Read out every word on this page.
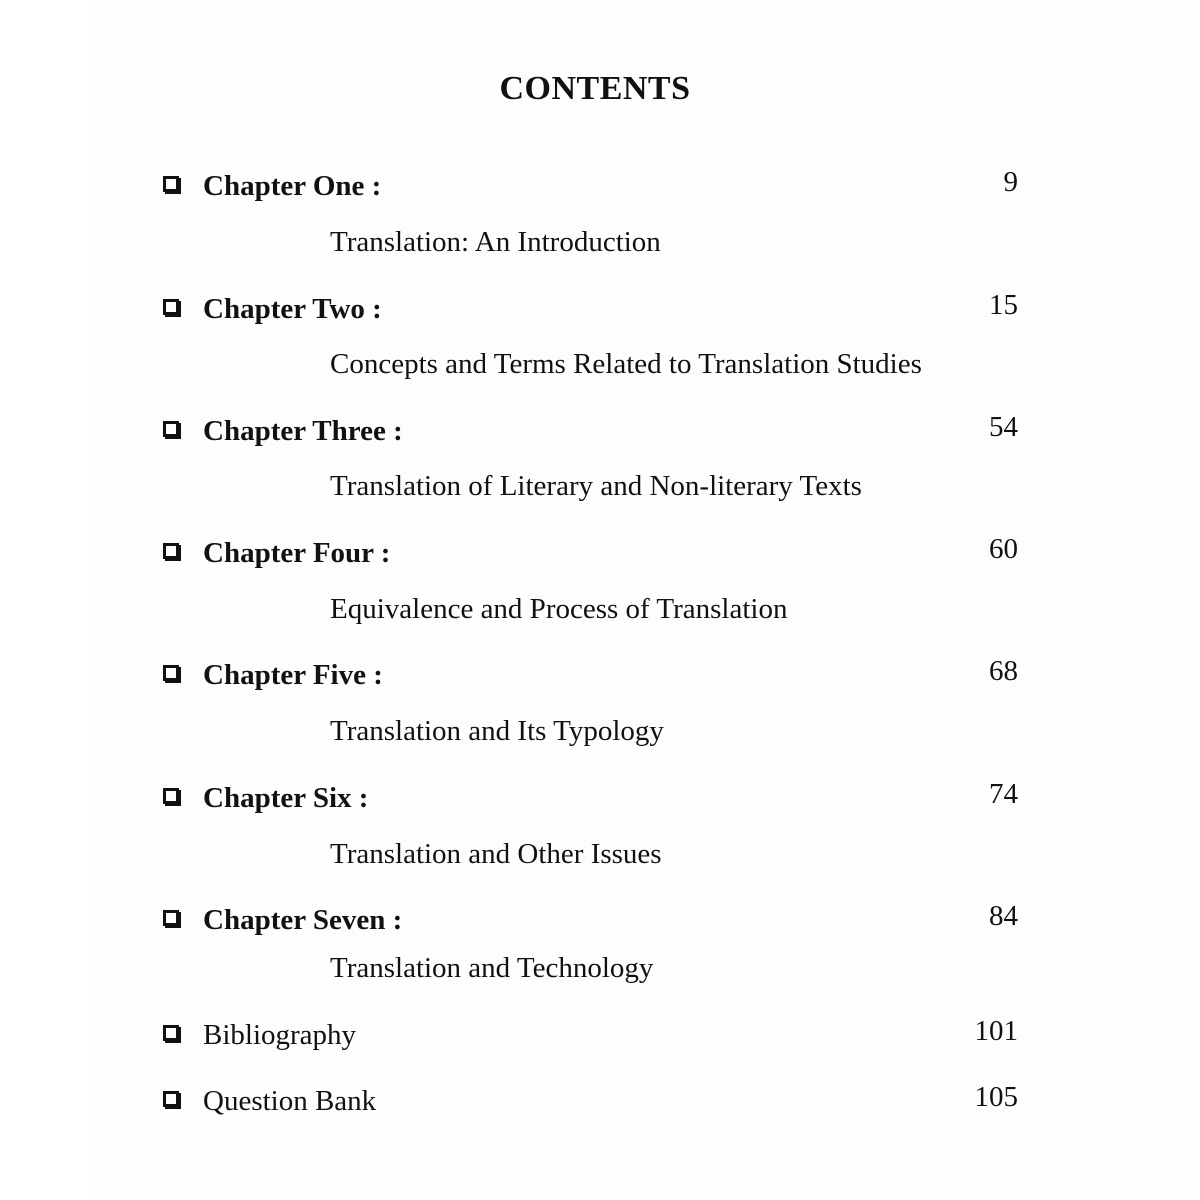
CONTENTS
Chapter One :	9
Translation: An Introduction
Chapter Two :	15
Concepts and Terms Related to Translation Studies
Chapter Three :	54
Translation of Literary and Non-literary Texts
Chapter Four :	60
Equivalence and Process of Translation
Chapter Five :	68
Translation and Its Typology
Chapter Six :	74
Translation and Other Issues
Chapter Seven :	84
Translation and Technology
Bibliography	101
Question Bank	105
